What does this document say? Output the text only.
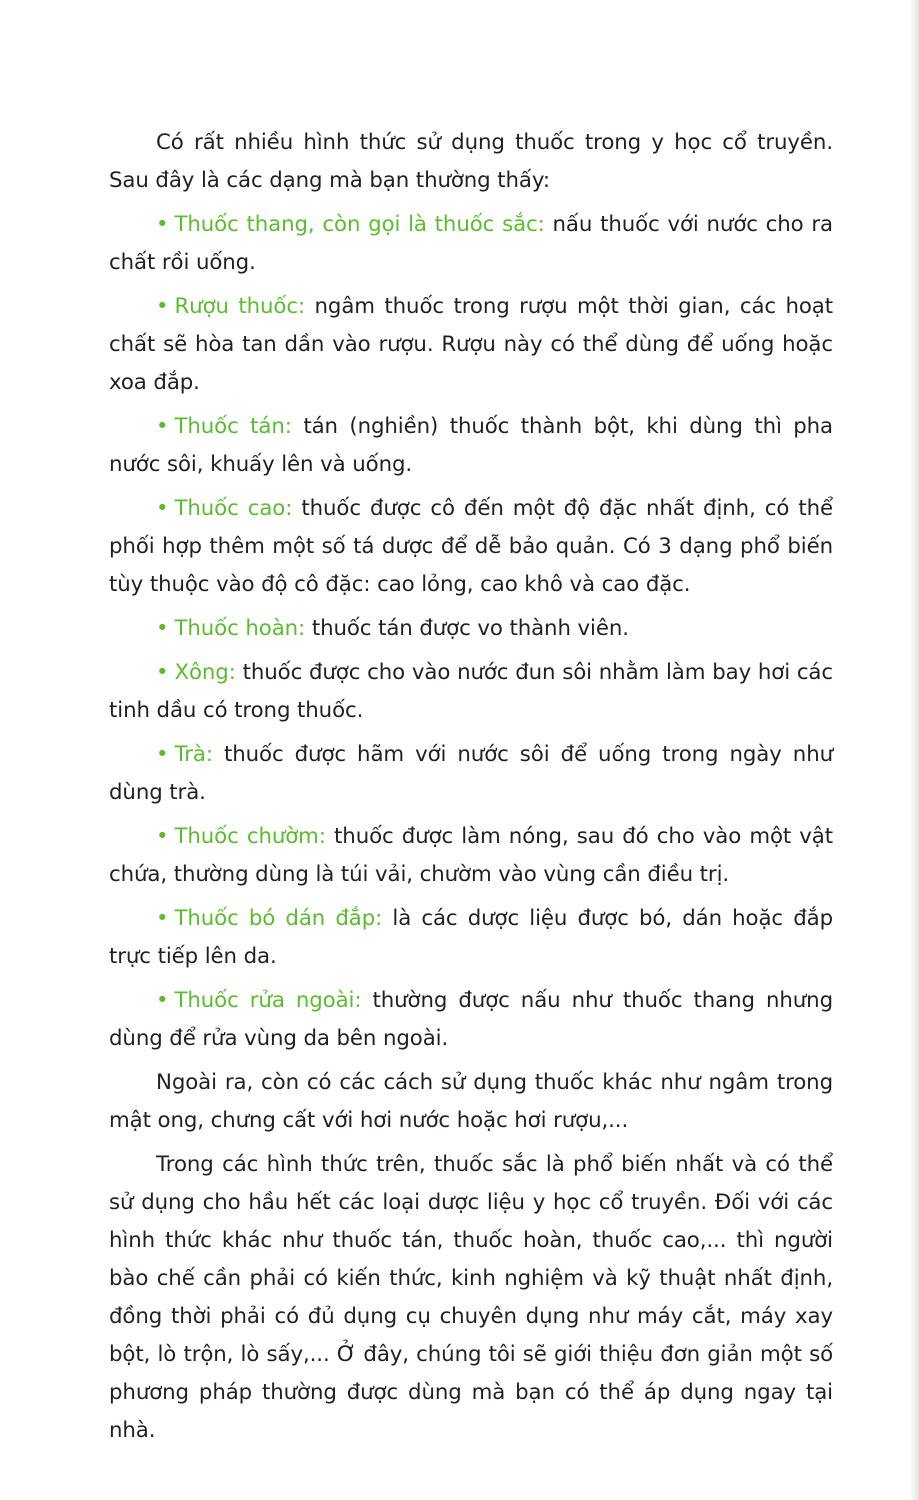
Có rất nhiều hình thức sử dụng thuốc trong y học cổ truyền. Sau đây là các dạng mà bạn thường thấy:

• Thuốc thang, còn gọi là thuốc sắc: nấu thuốc với nước cho ra chất rồi uống.

• Rượu thuốc: ngâm thuốc trong rượu một thời gian, các hoạt chất sẽ hòa tan dần vào rượu. Rượu này có thể dùng để uống hoặc xoa đắp.

• Thuốc tán: tán (nghiền) thuốc thành bột, khi dùng thì pha nước sôi, khuấy lên và uống.

• Thuốc cao: thuốc được cô đến một độ đặc nhất định, có thể phối hợp thêm một số tá dược để dễ bảo quản. Có 3 dạng phổ biến tùy thuộc vào độ cô đặc: cao lỏng, cao khô và cao đặc.

• Thuốc hoàn: thuốc tán được vo thành viên.

• Xông: thuốc được cho vào nước đun sôi nhằm làm bay hơi các tinh dầu có trong thuốc.

• Trà: thuốc được hãm với nước sôi để uống trong ngày như dùng trà.

• Thuốc chườm: thuốc được làm nóng, sau đó cho vào một vật chứa, thường dùng là túi vải, chườm vào vùng cần điều trị.

• Thuốc bó dán đắp: là các dược liệu được bó, dán hoặc đắp trực tiếp lên da.

• Thuốc rửa ngoài: thường được nấu như thuốc thang nhưng dùng để rửa vùng da bên ngoài.

Ngoài ra, còn có các cách sử dụng thuốc khác như ngâm trong mật ong, chưng cất với hơi nước hoặc hơi rượu,...

Trong các hình thức trên, thuốc sắc là phổ biến nhất và có thể sử dụng cho hầu hết các loại dược liệu y học cổ truyền. Đối với các hình thức khác như thuốc tán, thuốc hoàn, thuốc cao,... thì người bào chế cần phải có kiến thức, kinh nghiệm và kỹ thuật nhất định, đồng thời phải có đủ dụng cụ chuyên dụng như máy cắt, máy xay bột, lò trộn, lò sấy,... Ở đây, chúng tôi sẽ giới thiệu đơn giản một số phương pháp thường được dùng mà bạn có thể áp dụng ngay tại nhà.
